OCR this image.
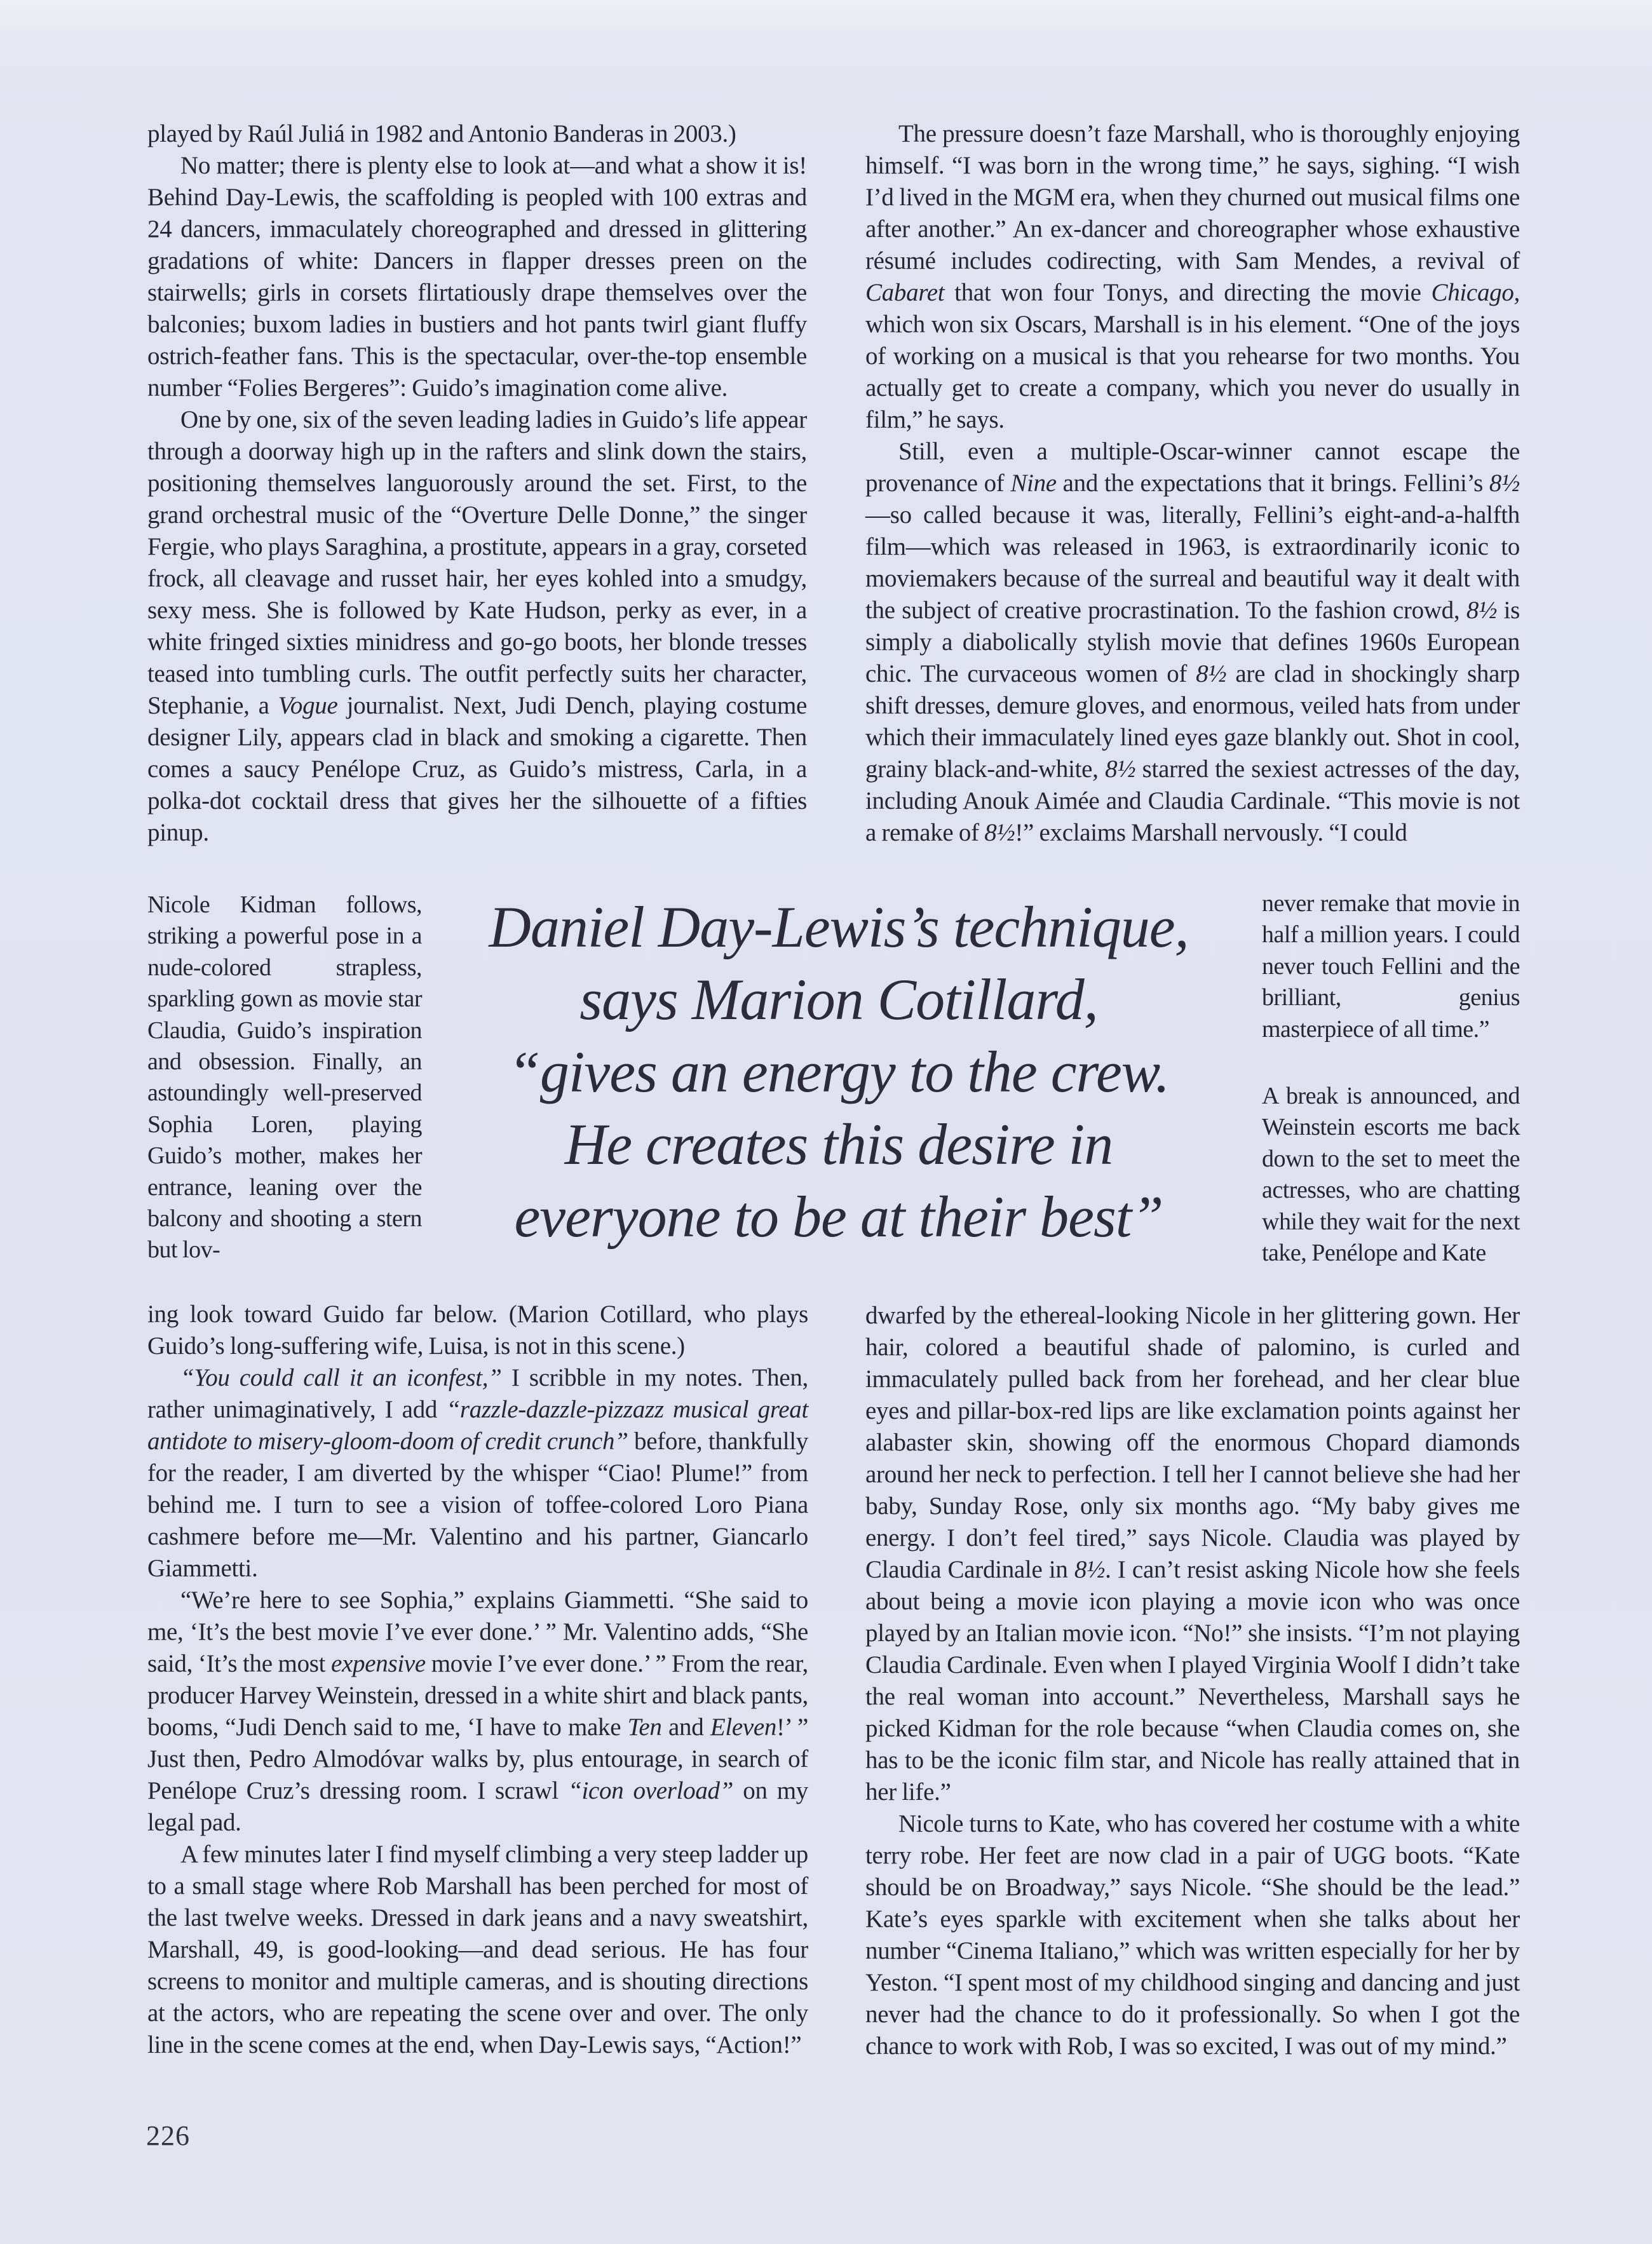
played by Raúl Juliá in 1982 and Antonio Banderas in 2003.)

No matter; there is plenty else to look at—and what a show it is! Behind Day-Lewis, the scaffolding is peopled with 100 extras and 24 dancers, immaculately choreographed and dressed in glittering gradations of white: Dancers in flapper dresses preen on the stairwells; girls in corsets flirtatiously drape themselves over the balconies; buxom ladies in bustiers and hot pants twirl giant fluffy ostrich-feather fans. This is the spectacular, over-the-top ensemble number “Folies Bergeres”: Guido’s imagination come alive.

One by one, six of the seven leading ladies in Guido’s life appear through a doorway high up in the rafters and slink down the stairs, positioning themselves languorously around the set. First, to the grand orchestral music of the “Overture Delle Donne,” the singer Fergie, who plays Saraghina, a prostitute, appears in a gray, corseted frock, all cleavage and russet hair, her eyes kohled into a smudgy, sexy mess. She is followed by Kate Hudson, perky as ever, in a white fringed sixties minidress and go-go boots, her blonde tresses teased into tumbling curls. The outfit perfectly suits her character, Stephanie, a Vogue journalist. Next, Judi Dench, playing costume designer Lily, appears clad in black and smoking a cigarette. Then comes a saucy Penélope Cruz, as Guido’s mistress, Carla, in a polka-dot cocktail dress that gives her the silhouette of a fifties pinup.

Nicole Kidman follows, striking a powerful pose in a nude-colored strapless, sparkling gown as movie star Claudia, Guido’s inspiration and obsession. Finally, an astoundingly well-preserved Sophia Loren, playing Guido’s mother, makes her entrance, leaning over the balcony and shooting a stern but lov-

Daniel Day-Lewis’s technique,
says Marion Cotillard,
“gives an energy to the crew.
He creates this desire in
everyone to be at their best”

ing look toward Guido far below. (Marion Cotillard, who plays Guido’s long-suffering wife, Luisa, is not in this scene.)

“You could call it an iconfest,” I scribble in my notes. Then, rather unimaginatively, I add “razzle-dazzle-pizzazz musical great antidote to misery-gloom-doom of credit crunch” before, thankfully for the reader, I am diverted by the whisper “Ciao! Plume!” from behind me. I turn to see a vision of toffee-colored Loro Piana cashmere before me—Mr. Valentino and his partner, Giancarlo Giammetti.

“We’re here to see Sophia,” explains Giammetti. “She said to me, ‘It’s the best movie I’ve ever done.’ ” Mr. Valentino adds, “She said, ‘It’s the most expensive movie I’ve ever done.’ ” From the rear, producer Harvey Weinstein, dressed in a white shirt and black pants, booms, “Judi Dench said to me, ‘I have to make Ten and Eleven!’ ” Just then, Pedro Almodóvar walks by, plus entourage, in search of Penélope Cruz’s dressing room. I scrawl “icon overload” on my legal pad.

A few minutes later I find myself climbing a very steep ladder up to a small stage where Rob Marshall has been perched for most of the last twelve weeks. Dressed in dark jeans and a navy sweatshirt, Marshall, 49, is good-looking—and dead serious. He has four screens to monitor and multiple cameras, and is shouting directions at the actors, who are repeating the scene over and over. The only line in the scene comes at the end, when Day-Lewis says, “Action!”

The pressure doesn’t faze Marshall, who is thoroughly enjoying himself. “I was born in the wrong time,” he says, sighing. “I wish I’d lived in the MGM era, when they churned out musical films one after another.” An ex-dancer and choreographer whose exhaustive résumé includes codirecting, with Sam Mendes, a revival of Cabaret that won four Tonys, and directing the movie Chicago, which won six Oscars, Marshall is in his element. “One of the joys of working on a musical is that you rehearse for two months. You actually get to create a company, which you never do usually in film,” he says.

Still, even a multiple-Oscar-winner cannot escape the provenance of Nine and the expectations that it brings. Fellini’s 8½—so called because it was, literally, Fellini’s eight-and-a-halfth film—which was released in 1963, is extraordinarily iconic to moviemakers because of the surreal and beautiful way it dealt with the subject of creative procrastination. To the fashion crowd, 8½ is simply a diabolically stylish movie that defines 1960s European chic. The curvaceous women of 8½ are clad in shockingly sharp shift dresses, demure gloves, and enormous, veiled hats from under which their immaculately lined eyes gaze blankly out. Shot in cool, grainy black-and-white, 8½ starred the sexiest actresses of the day, including Anouk Aimée and Claudia Cardinale. “This movie is not a remake of 8½!” exclaims Marshall nervously. “I could

never remake that movie in half a million years. I could never touch Fellini and the brilliant, genius masterpiece of all time.”

A break is announced, and Weinstein escorts me back down to the set to meet the actresses, who are chatting while they wait for the next take, Penélope and Kate

dwarfed by the ethereal-looking Nicole in her glittering gown. Her hair, colored a beautiful shade of palomino, is curled and immaculately pulled back from her forehead, and her clear blue eyes and pillar-box-red lips are like exclamation points against her alabaster skin, showing off the enormous Chopard diamonds around her neck to perfection. I tell her I cannot believe she had her baby, Sunday Rose, only six months ago. “My baby gives me energy. I don’t feel tired,” says Nicole. Claudia was played by Claudia Cardinale in 8½. I can’t resist asking Nicole how she feels about being a movie icon playing a movie icon who was once played by an Italian movie icon. “No!” she insists. “I’m not playing Claudia Cardinale. Even when I played Virginia Woolf I didn’t take the real woman into account.” Nevertheless, Marshall says he picked Kidman for the role because “when Claudia comes on, she has to be the iconic film star, and Nicole has really attained that in her life.”

Nicole turns to Kate, who has covered her costume with a white terry robe. Her feet are now clad in a pair of UGG boots. “Kate should be on Broadway,” says Nicole. “She should be the lead.” Kate’s eyes sparkle with excitement when she talks about her number “Cinema Italiano,” which was written especially for her by Yeston. “I spent most of my childhood singing and dancing and just never had the chance to do it professionally. So when I got the chance to work with Rob, I was so excited, I was out of my mind.”

226
